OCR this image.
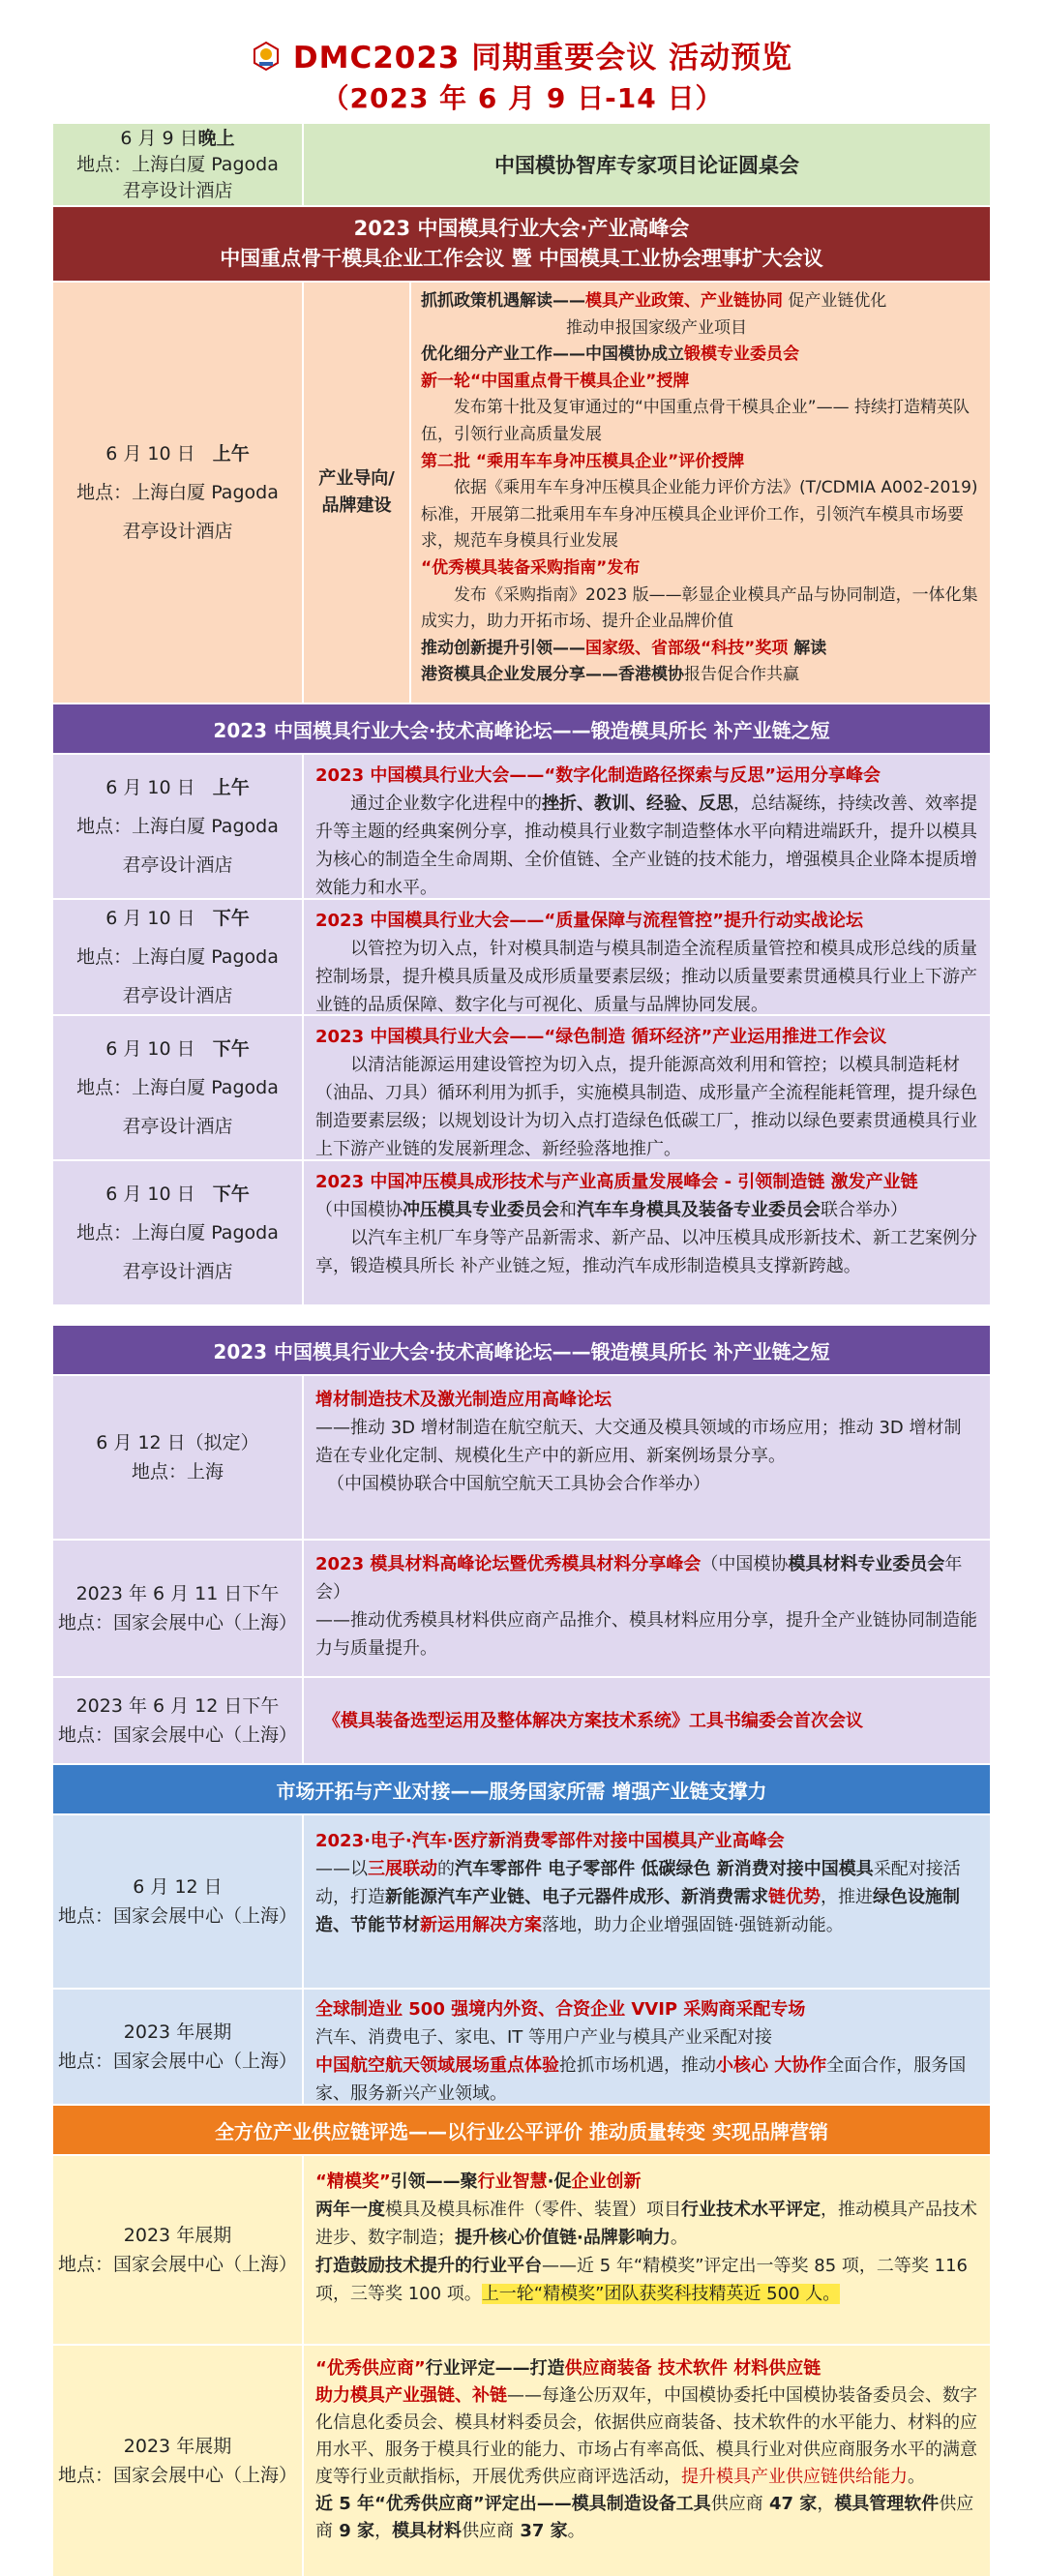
DMC2023 同期重要会议 活动预览
（2023 年 6 月 9 日-14 日）
6 月 9 日晚上
地点：上海白厦 Pagoda
君亭设计酒店
中国模协智库专家项目论证圆桌会
2023 中国模具行业大会·产业高峰会
中国重点骨干模具企业工作会议 暨 中国模具工业协会理事扩大会议
6 月 10 日 上午
地点：上海白厦 Pagoda
君亭设计酒店
产业导向/
品牌建设
抓抓政策机遇解读——模具产业政策、产业链协同 促产业链优化
推动申报国家级产业项目
优化细分产业工作——中国模协成立锻模专业委员会
新一轮“中国重点骨干模具企业”授牌
发布第十批及复审通过的“中国重点骨干模具企业”—— 持续打造精英队伍，引领行业高质量发展
第二批 “乘用车车身冲压模具企业”评价授牌
依据《乘用车车身冲压模具企业能力评价方法》(T/CDMIA A002-2019)标准，开展第二批乘用车车身冲压模具企业评价工作，引领汽车模具市场要求，规范车身模具行业发展
“优秀模具装备采购指南”发布
发布《采购指南》2023 版——彰显企业模具产品与协同制造，一体化集成实力，助力开拓市场、提升企业品牌价值
推动创新提升引领——国家级、省部级“科技”奖项 解读
港资模具企业发展分享——香港模协报告促合作共赢
2023 中国模具行业大会·技术高峰论坛——锻造模具所长 补产业链之短
6 月 10 日 上午
地点：上海白厦 Pagoda
君亭设计酒店
2023 中国模具行业大会——“数字化制造路径探索与反思”运用分享峰会
通过企业数字化进程中的挫折、教训、经验、反思，总结凝练，持续改善、效率提升等主题的经典案例分享，推动模具行业数字制造整体水平向精进端跃升，提升以模具为核心的制造全生命周期、全价值链、全产业链的技术能力，增强模具企业降本提质增效能力和水平。
6 月 10 日 下午
地点：上海白厦 Pagoda
君亭设计酒店
2023 中国模具行业大会——“质量保障与流程管控”提升行动实战论坛
以管控为切入点，针对模具制造与模具制造全流程质量管控和模具成形总线的质量控制场景，提升模具质量及成形质量要素层级；推动以质量要素贯通模具行业上下游产业链的品质保障、数字化与可视化、质量与品牌协同发展。
6 月 10 日 下午
地点：上海白厦 Pagoda
君亭设计酒店
2023 中国模具行业大会——“绿色制造 循环经济”产业运用推进工作会议
以清洁能源运用建设管控为切入点，提升能源高效利用和管控；以模具制造耗材（油品、刀具）循环利用为抓手，实施模具制造、成形量产全流程能耗管理，提升绿色制造要素层级；以规划设计为切入点打造绿色低碳工厂，推动以绿色要素贯通模具行业上下游产业链的发展新理念、新经验落地推广。
6 月 10 日 下午
地点：上海白厦 Pagoda
君亭设计酒店
2023 中国冲压模具成形技术与产业高质量发展峰会 - 引领制造链 激发产业链
（中国模协冲压模具专业委员会和汽车车身模具及装备专业委员会联合举办）
以汽车主机厂车身等产品新需求、新产品、以冲压模具成形新技术、新工艺案例分享，锻造模具所长 补产业链之短，推动汽车成形制造模具支撑新跨越。
2023 中国模具行业大会·技术高峰论坛——锻造模具所长 补产业链之短
6 月 12 日（拟定）
地点：上海
增材制造技术及激光制造应用高峰论坛
——推动 3D 增材制造在航空航天、大交通及模具领域的市场应用；推动 3D 增材制造在专业化定制、规模化生产中的新应用、新案例场景分享。
（中国模协联合中国航空航天工具协会合作举办）
2023 年 6 月 11 日下午
地点：国家会展中心（上海）
2023 模具材料高峰论坛暨优秀模具材料分享峰会（中国模协模具材料专业委员会年会）
——推动优秀模具材料供应商产品推介、模具材料应用分享，提升全产业链协同制造能力与质量提升。
2023 年 6 月 12 日下午
地点：国家会展中心（上海）
《模具装备选型运用及整体解决方案技术系统》工具书编委会首次会议
市场开拓与产业对接——服务国家所需 增强产业链支撑力
6 月 12 日
地点：国家会展中心（上海）
2023·电子·汽车·医疗新消费零部件对接中国模具产业高峰会
——以三展联动的汽车零部件 电子零部件 低碳绿色 新消费对接中国模具采配对接活动，打造新能源汽车产业链、电子元器件成形、新消费需求链优势，推进绿色设施制造、节能节材新运用解决方案落地，助力企业增强固链·强链新动能。
2023 年展期
地点：国家会展中心（上海）
全球制造业 500 强境内外资、合资企业 VVIP 采购商采配专场
汽车、消费电子、家电、IT 等用户产业与模具产业采配对接
中国航空航天领域展场重点体验抢抓市场机遇，推动小核心 大协作全面合作，服务国家、服务新兴产业领域。
全方位产业供应链评选——以行业公平评价 推动质量转变 实现品牌营销
2023 年展期
地点：国家会展中心（上海）
“精模奖”引领——聚行业智慧·促企业创新
两年一度模具及模具标准件（零件、装置）项目行业技术水平评定，推动模具产品技术进步、数字制造；提升核心价值链·品牌影响力。
打造鼓励技术提升的行业平台——近 5 年“精模奖”评定出一等奖 85 项，二等奖 116 项，三等奖 100 项。上一轮“精模奖”团队获奖科技精英近 500 人。
2023 年展期
地点：国家会展中心（上海）
“优秀供应商”行业评定——打造供应商装备 技术软件 材料供应链
助力模具产业强链、补链——每逢公历双年，中国模协委托中国模协装备委员会、数字化信息化委员会、模具材料委员会，依据供应商装备、技术软件的水平能力、材料的应用水平、服务于模具行业的能力、市场占有率高低、模具行业对供应商服务水平的满意度等行业贡献指标，开展优秀供应商评选活动，提升模具产业供应链供给能力。
近 5 年“优秀供应商”评定出——模具制造设备工具供应商 47 家，模具管理软件供应商 9 家，模具材料供应商 37 家。
